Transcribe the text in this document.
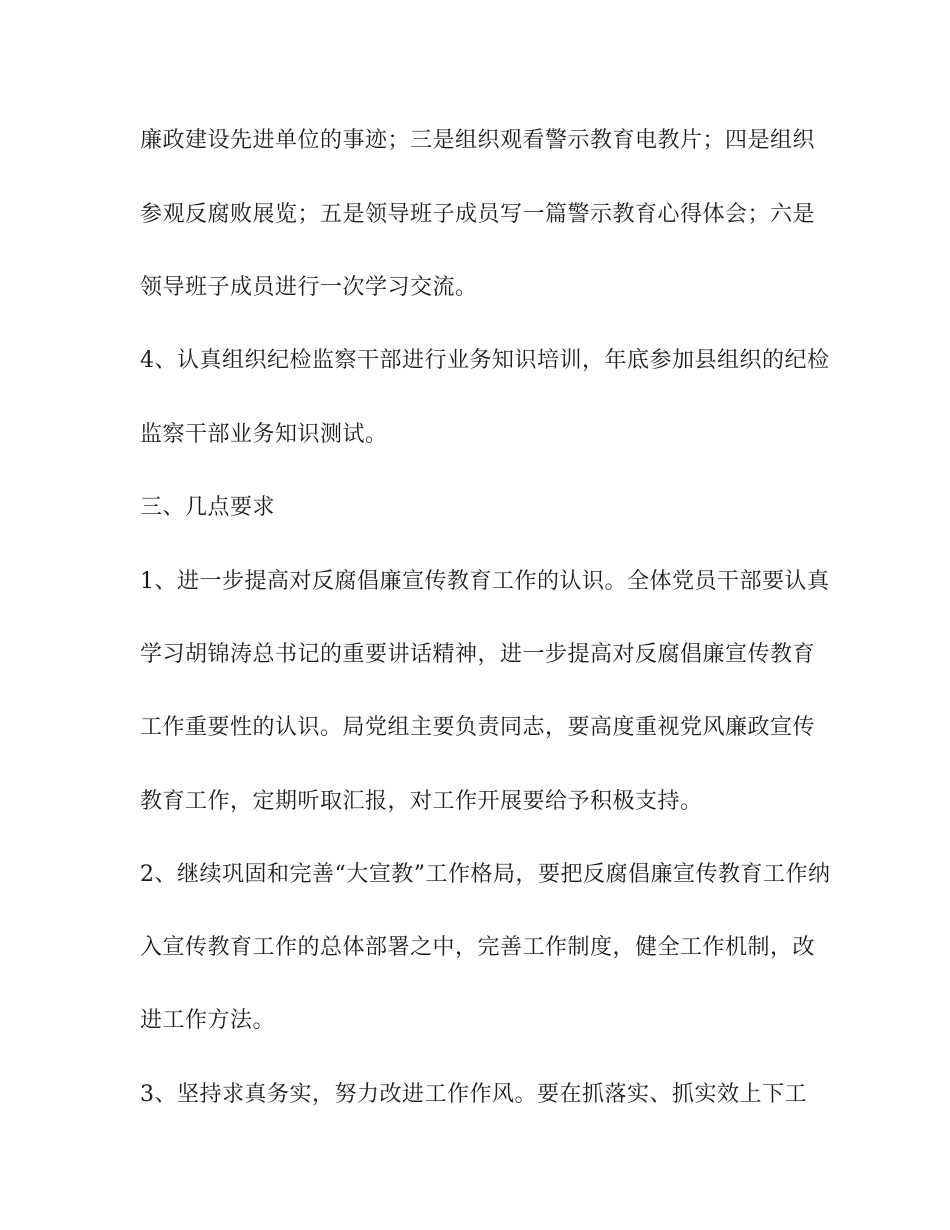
廉政建设先进单位的事迹；三是组织观看警示教育电教片；四是组织
参观反腐败展览；五是领导班子成员写一篇警示教育心得体会；六是
领导班子成员进行一次学习交流。
4、认真组织纪检监察干部进行业务知识培训，年底参加县组织的纪检
监察干部业务知识测试。
三、几点要求
1、进一步提高对反腐倡廉宣传教育工作的认识。全体党员干部要认真
学习胡锦涛总书记的重要讲话精神，进一步提高对反腐倡廉宣传教育
工作重要性的认识。局党组主要负责同志，要高度重视党风廉政宣传
教育工作，定期听取汇报，对工作开展要给予积极支持。
2、继续巩固和完善“大宣教”工作格局，要把反腐倡廉宣传教育工作纳
入宣传教育工作的总体部署之中，完善工作制度，健全工作机制，改
进工作方法。
3、坚持求真务实，努力改进工作作风。要在抓落实、抓实效上下工
